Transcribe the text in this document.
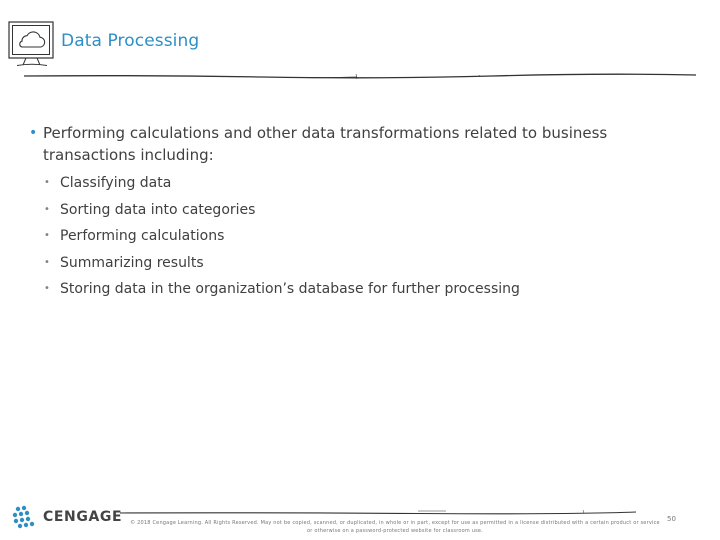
Data Processing
• Performing calculations and other data transformations related to business transactions including:
• Classifying data
• Sorting data into categories
• Performing calculations
• Summarizing results
• Storing data in the organization’s database for further processing
CENGAGE © 2018 Cengage Learning. All Rights Reserved. May not be copied, scanned, or duplicated, in whole or in part, except for use as permitted in a license distributed with a certain product or service or otherwise on a password-protected website for classroom use.
50
